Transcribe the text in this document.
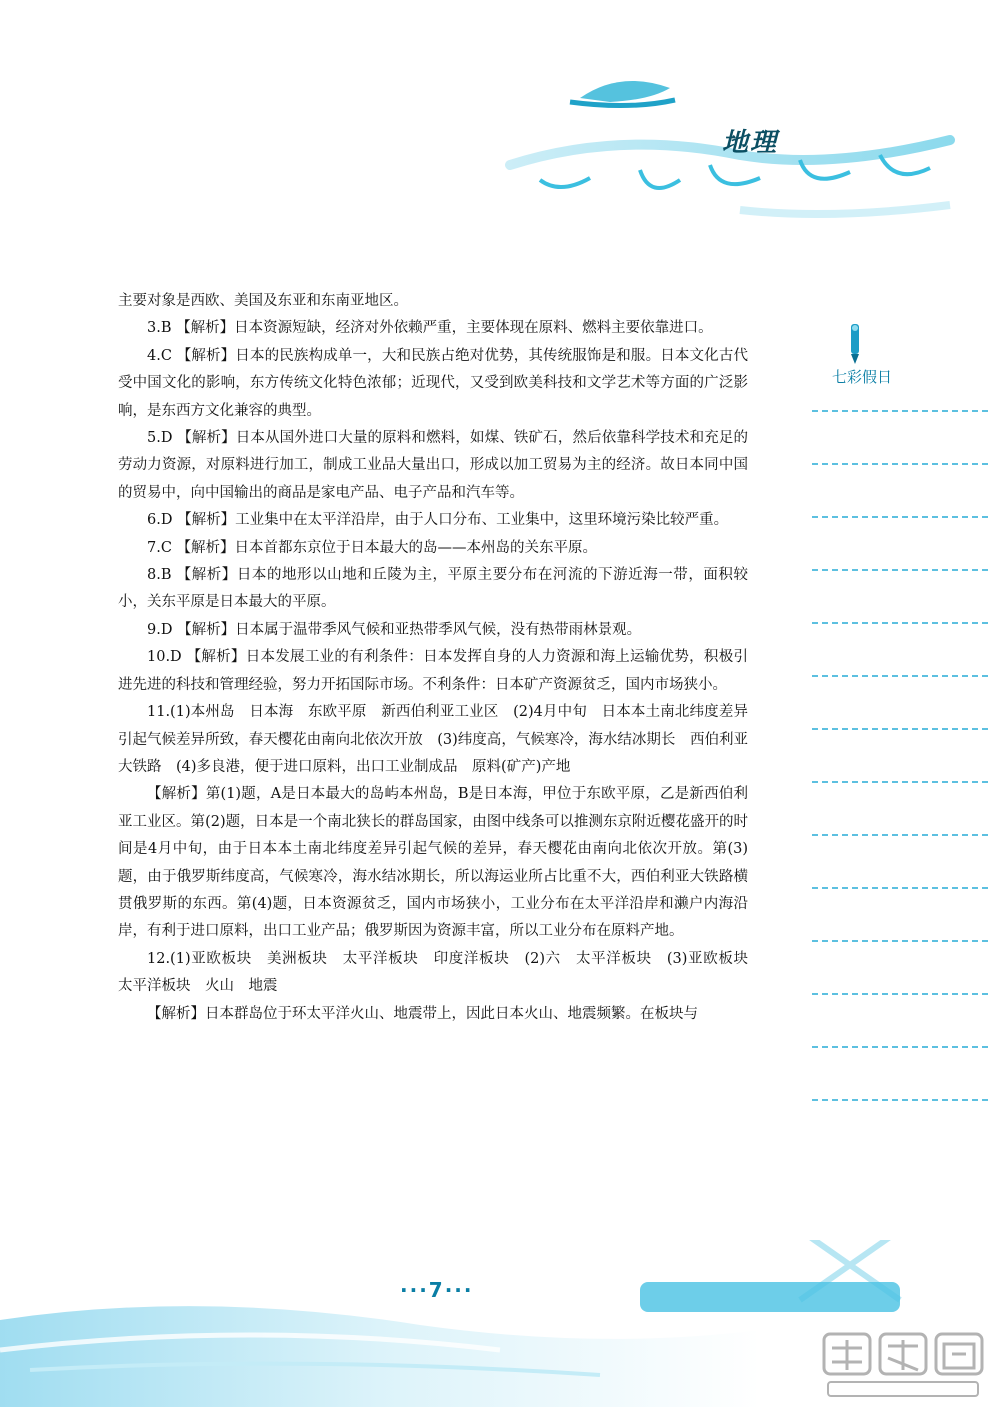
地理
七彩假日

主要对象是西欧、美国及东亚和东南亚地区。

3.B 【解析】日本资源短缺，经济对外依赖严重，主要体现在原料、燃料主要依靠进口。

4.C 【解析】日本的民族构成单一，大和民族占绝对优势，其传统服饰是和服。日本文化古代受中国文化的影响，东方传统文化特色浓郁；近现代，又受到欧美科技和文学艺术等方面的广泛影响，是东西方文化兼容的典型。

5.D 【解析】日本从国外进口大量的原料和燃料，如煤、铁矿石，然后依靠科学技术和充足的劳动力资源，对原料进行加工，制成工业品大量出口，形成以加工贸易为主的经济。故日本同中国的贸易中，向中国输出的商品是家电产品、电子产品和汽车等。

6.D 【解析】工业集中在太平洋沿岸，由于人口分布、工业集中，这里环境污染比较严重。

7.C 【解析】日本首都东京位于日本最大的岛——本州岛的关东平原。

8.B 【解析】日本的地形以山地和丘陵为主，平原主要分布在河流的下游近海一带，面积较小，关东平原是日本最大的平原。

9.D 【解析】日本属于温带季风气候和亚热带季风气候，没有热带雨林景观。

10.D 【解析】日本发展工业的有利条件：日本发挥自身的人力资源和海上运输优势，积极引进先进的科技和管理经验，努力开拓国际市场。不利条件：日本矿产资源贫乏，国内市场狭小。

11.(1)本州岛　日本海　东欧平原　新西伯利亚工业区　(2)4月中旬　日本本土南北纬度差异引起气候差异所致，春天樱花由南向北依次开放　(3)纬度高，气候寒冷，海水结冰期长　西伯利亚大铁路　(4)多良港，便于进口原料，出口工业制成品　原料(矿产)产地

【解析】第(1)题，A是日本最大的岛屿本州岛，B是日本海，甲位于东欧平原，乙是新西伯利亚工业区。第(2)题，日本是一个南北狭长的群岛国家，由图中线条可以推测东京附近樱花盛开的时间是4月中旬，由于日本本土南北纬度差异引起气候的差异，春天樱花由南向北依次开放。第(3)题，由于俄罗斯纬度高，气候寒冷，海水结冰期长，所以海运业所占比重不大，西伯利亚大铁路横贯俄罗斯的东西。第(4)题，日本资源贫乏，国内市场狭小，工业分布在太平洋沿岸和濑户内海沿岸，有利于进口原料，出口工业产品；俄罗斯因为资源丰富，所以工业分布在原料产地。

12.(1)亚欧板块　美洲板块　太平洋板块　印度洋板块　(2)六　太平洋板块　(3)亚欧板块　太平洋板块　火山　地震

【解析】日本群岛位于环太平洋火山、地震带上，因此日本火山、地震频繁。在板块与

···7···
